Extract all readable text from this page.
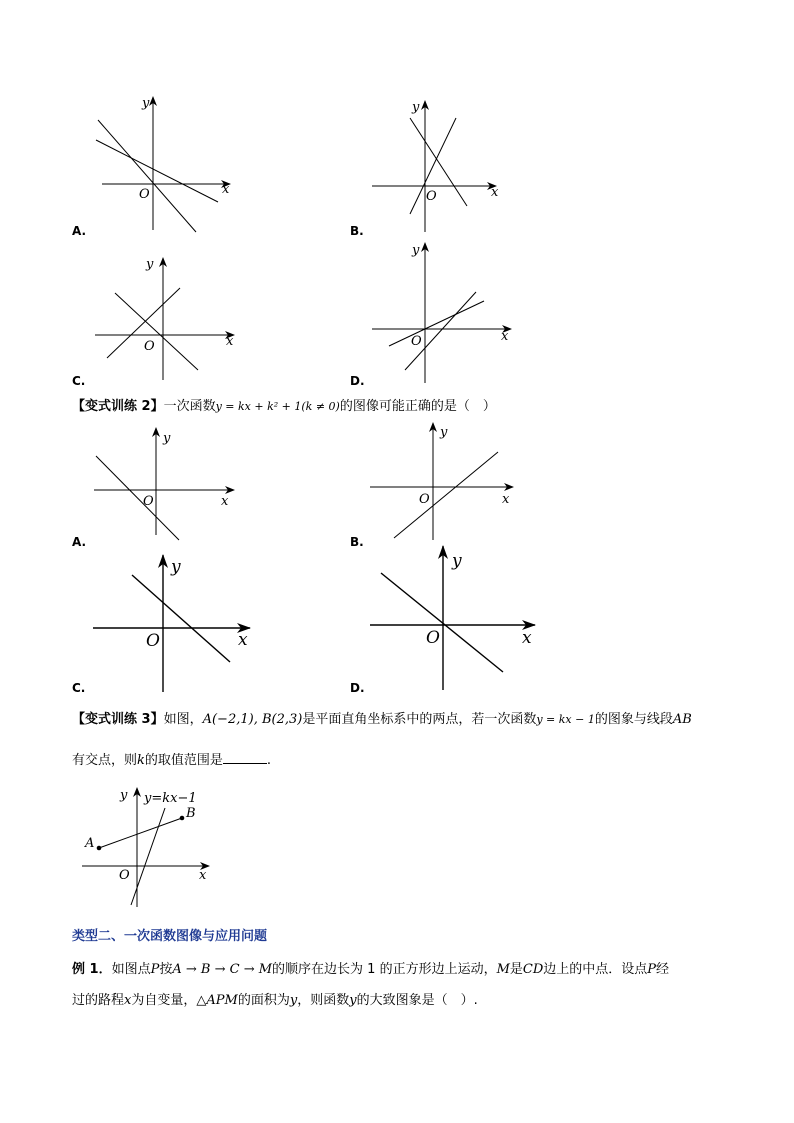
y
O	x
y
O	x
y
O	x
y
O	x
y
O	x
y
O	x
y
O	x
y
O	x
y y=kx−1
B
A
O	x
A.	B.
C.	D.
【变式训练 2】一次函数y = kx + k² + 1(k ≠ 0)的图像可能正确的是（　）
A.	B.
C.	D.
【变式训练 3】如图，A(−2,1), B(2,3)是平面直角坐标系中的两点，若一次函数y = kx − 1的图象与线段AB
有交点，则k的取值范围是	.
类型二、一次函数图像与应用问题
例 1．如图点P按A → B → C → M的顺序在边长为 1 的正方形边上运动，M是CD边上的中点．设点P经
过的路程x为自变量，△APM的面积为y，则函数y的大致图象是（　）.
